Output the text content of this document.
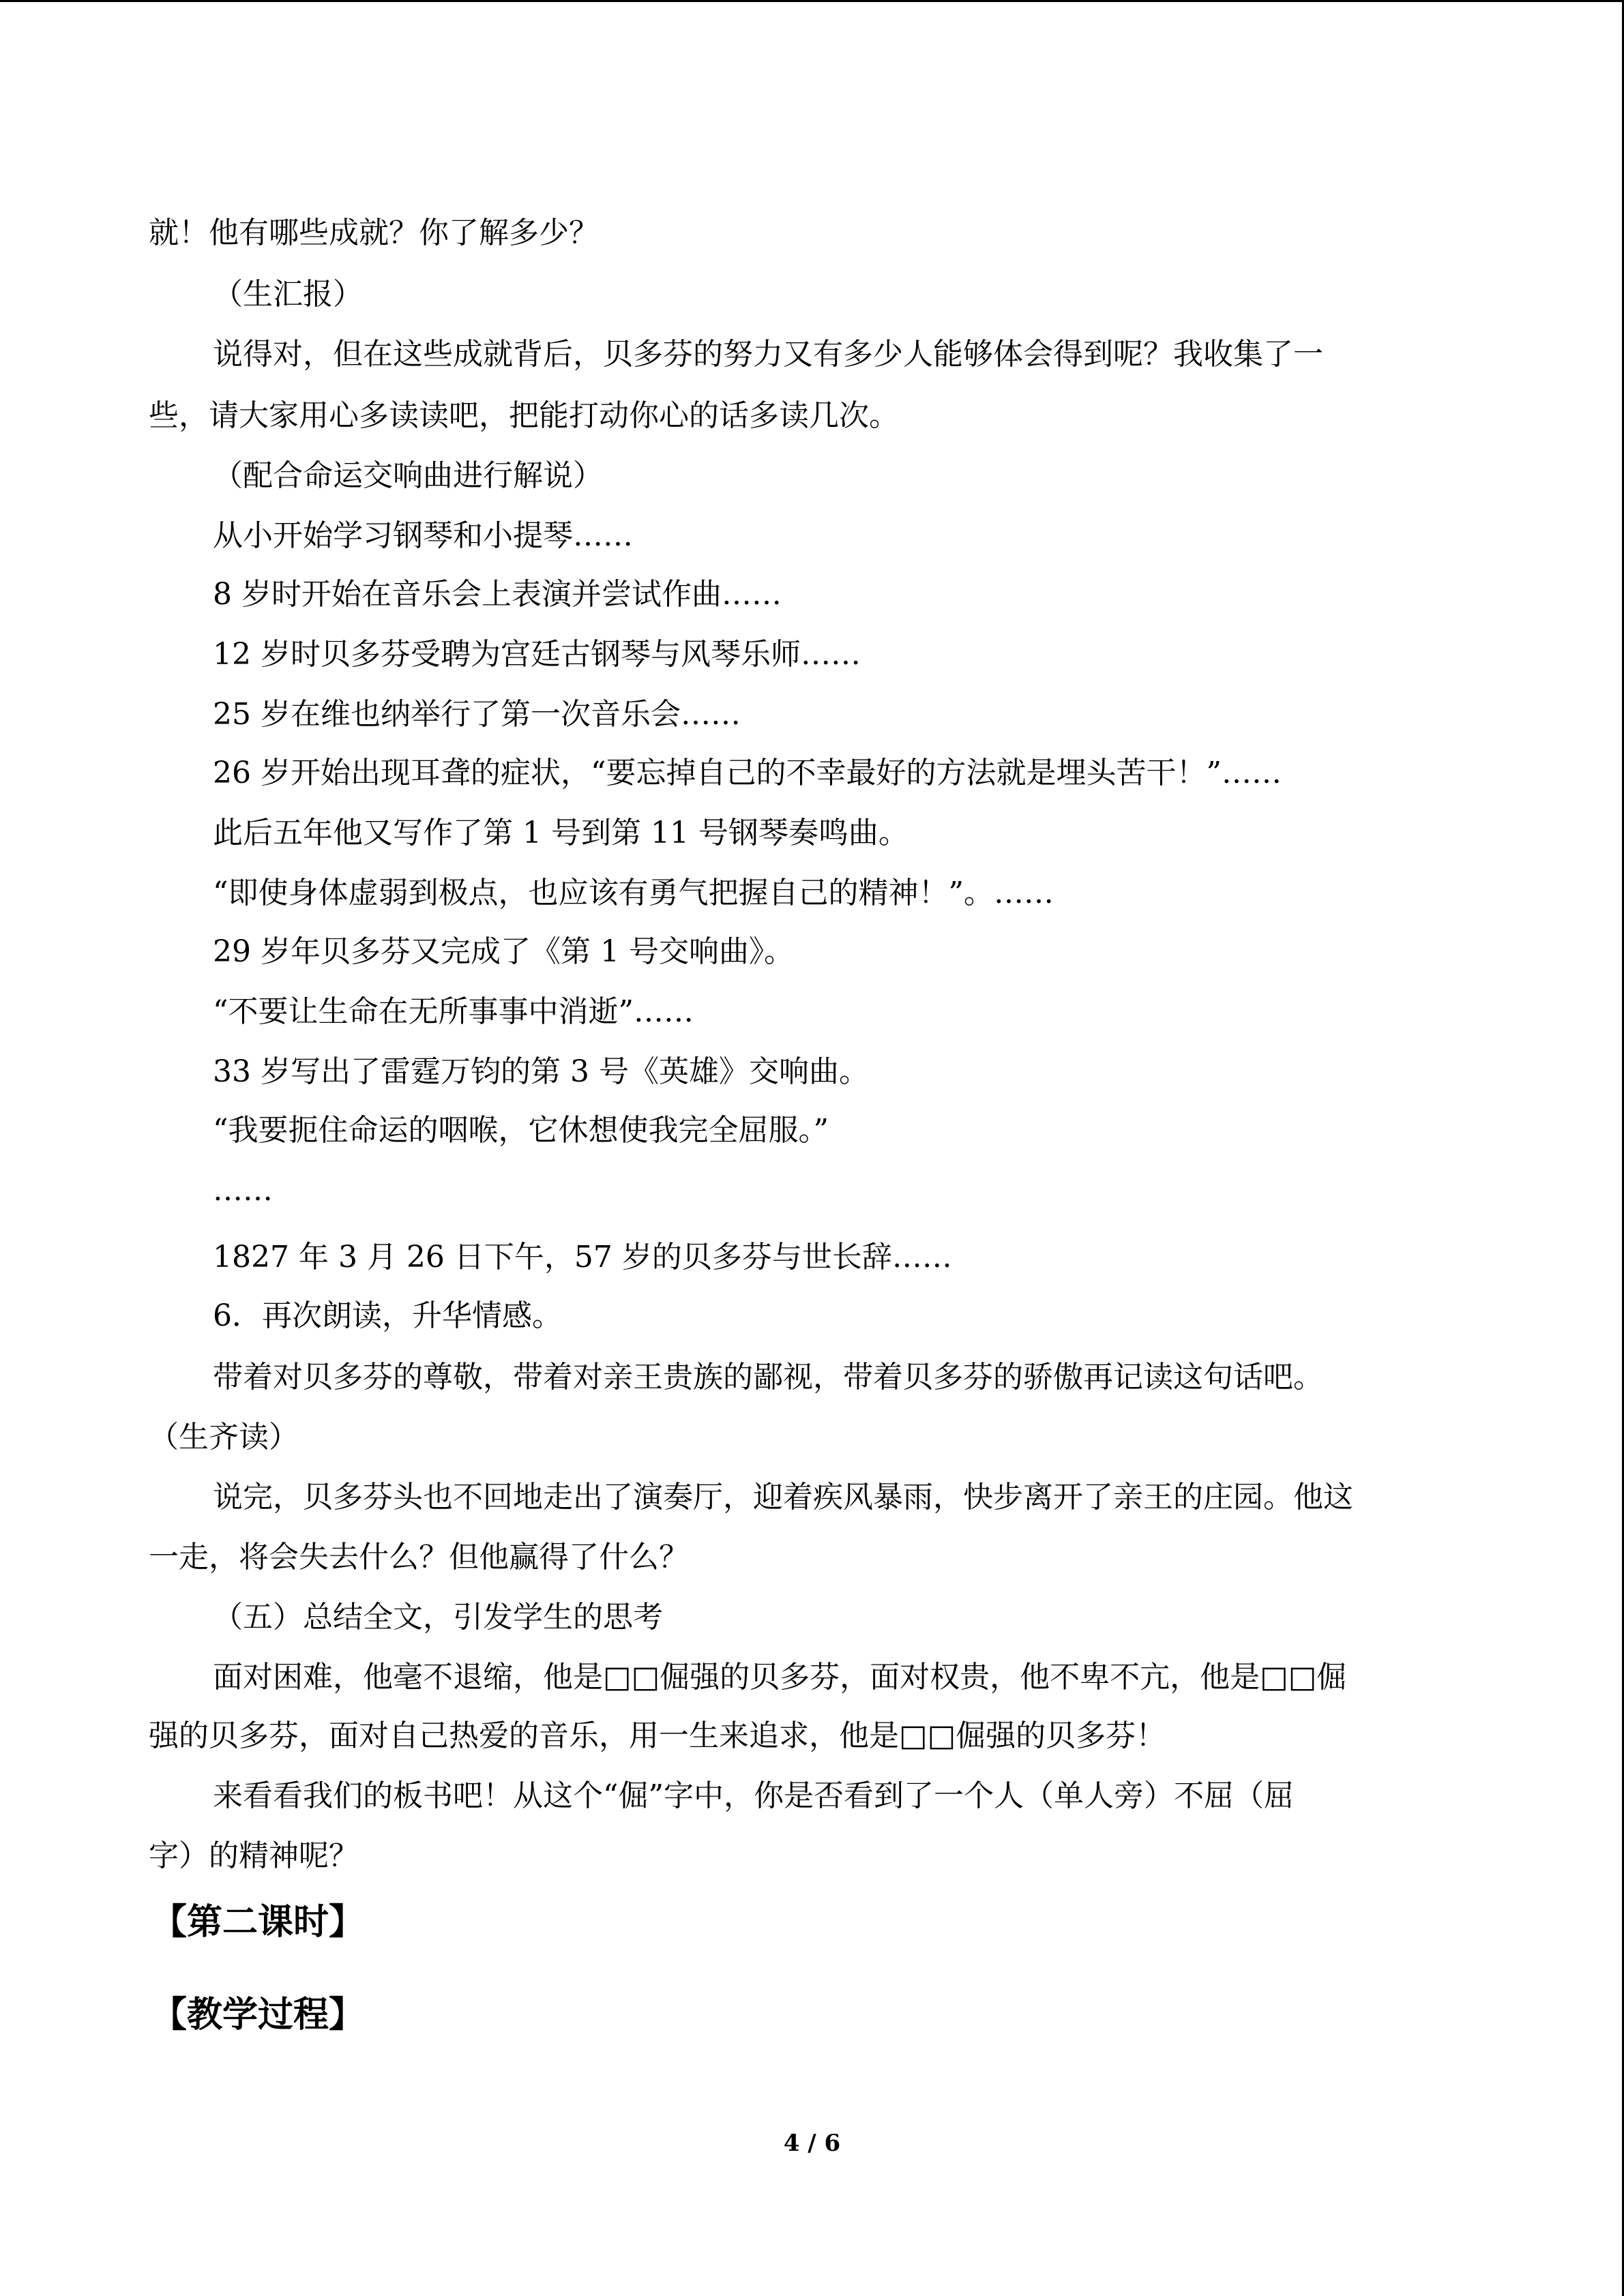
就！他有哪些成就？你了解多少？
（生汇报）
说得对，但在这些成就背后，贝多芬的努力又有多少人能够体会得到呢？我收集了一
些，请大家用心多读读吧，把能打动你心的话多读几次。
（配合命运交响曲进行解说）
从小开始学习钢琴和小提琴……
8 岁时开始在音乐会上表演并尝试作曲……
12 岁时贝多芬受聘为宫廷古钢琴与风琴乐师……
25 岁在维也纳举行了第一次音乐会……
26 岁开始出现耳聋的症状，“要忘掉自己的不幸最好的方法就是埋头苦干！”……
此后五年他又写作了第 1 号到第 11 号钢琴奏鸣曲。
“即使身体虚弱到极点，也应该有勇气把握自己的精神！”。……
29 岁年贝多芬又完成了《第 1 号交响曲》。
“不要让生命在无所事事中消逝”……
33 岁写出了雷霆万钧的第 3 号《英雄》交响曲。
“我要扼住命运的咽喉，它休想使我完全屈服。”
……
1827 年 3 月 26 日下午，57 岁的贝多芬与世长辞……
6．再次朗读，升华情感。
带着对贝多芬的尊敬，带着对亲王贵族的鄙视，带着贝多芬的骄傲再记读这句话吧。
（生齐读）
说完，贝多芬头也不回地走出了演奏厅，迎着疾风暴雨，快步离开了亲王的庄园。他这
一走，将会失去什么？但他赢得了什么？
（五）总结全文，引发学生的思考
面对困难，他毫不退缩，他是□□倔强的贝多芬，面对权贵，他不卑不亢，他是□□倔
强的贝多芬，面对自己热爱的音乐，用一生来追求，他是□□倔强的贝多芬！
来看看我们的板书吧！从这个“倔”字中，你是否看到了一个人（单人旁）不屈（屈
字）的精神呢？
【第二课时】
【教学过程】
4 / 6
